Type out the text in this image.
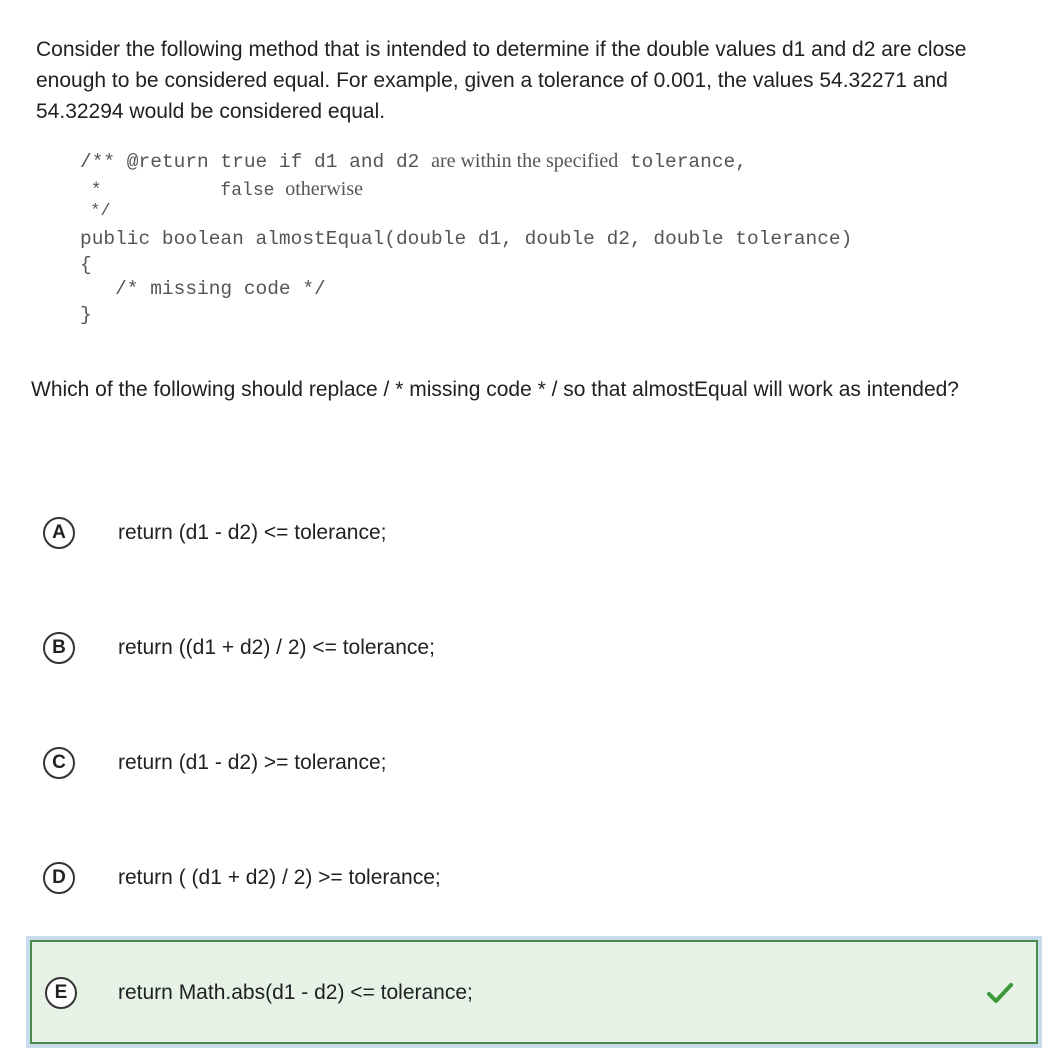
Consider the following method that is intended to determine if the double values d1 and d2 are close enough to be considered equal. For example, given a tolerance of 0.001, the values 54.32271 and 54.32294 would be considered equal.

/** @return true if d1 and d2 are within the specified tolerance,
*           false otherwise
*/
public boolean almostEqual(double d1, double d2, double tolerance)
{
/* missing code */
}

Which of the following should replace / * missing code * / so that almostEqual will work as intended?

A	return (d1 - d2) <= tolerance;
B	return ((d1 + d2) / 2) <= tolerance;
C	return (d1 - d2) >= tolerance;
D	return ( (d1 + d2) / 2) >= tolerance;
E	return Math.abs(d1 - d2) <= tolerance;
